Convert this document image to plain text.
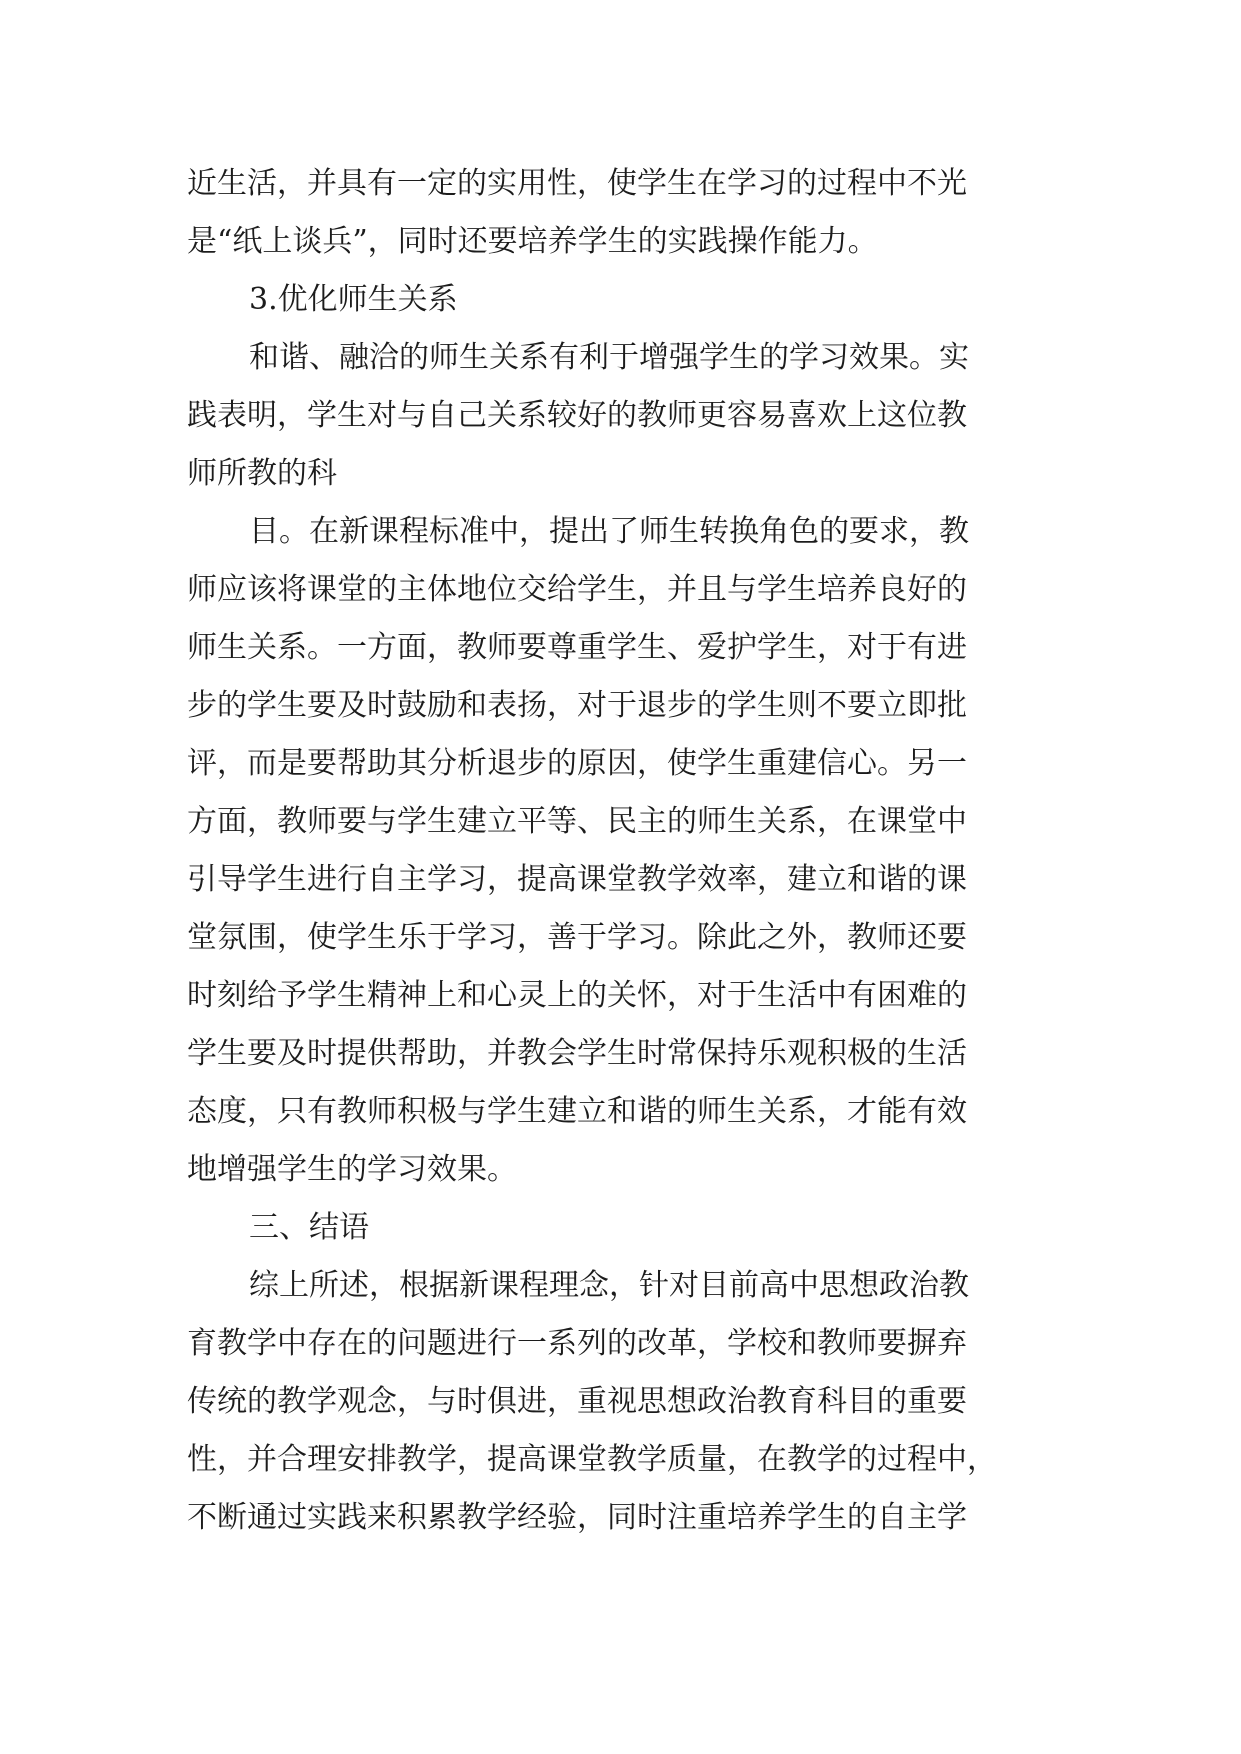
近生活，并具有一定的实用性，使学生在学习的过程中不光
是“纸上谈兵”，同时还要培养学生的实践操作能力。
3.优化师生关系
和谐、融洽的师生关系有利于增强学生的学习效果。实
践表明，学生对与自己关系较好的教师更容易喜欢上这位教
师所教的科
目。在新课程标准中，提出了师生转换角色的要求，教
师应该将课堂的主体地位交给学生，并且与学生培养良好的
师生关系。一方面，教师要尊重学生、爱护学生，对于有进
步的学生要及时鼓励和表扬，对于退步的学生则不要立即批
评，而是要帮助其分析退步的原因，使学生重建信心。另一
方面，教师要与学生建立平等、民主的师生关系，在课堂中
引导学生进行自主学习，提高课堂教学效率，建立和谐的课
堂氛围，使学生乐于学习，善于学习。除此之外，教师还要
时刻给予学生精神上和心灵上的关怀，对于生活中有困难的
学生要及时提供帮助，并教会学生时常保持乐观积极的生活
态度，只有教师积极与学生建立和谐的师生关系，才能有效
地增强学生的学习效果。
三、结语
综上所述，根据新课程理念，针对目前高中思想政治教
育教学中存在的问题进行一系列的改革，学校和教师要摒弃
传统的教学观念，与时俱进，重视思想政治教育科目的重要
性，并合理安排教学，提高课堂教学质量，在教学的过程中，
不断通过实践来积累教学经验，同时注重培养学生的自主学
